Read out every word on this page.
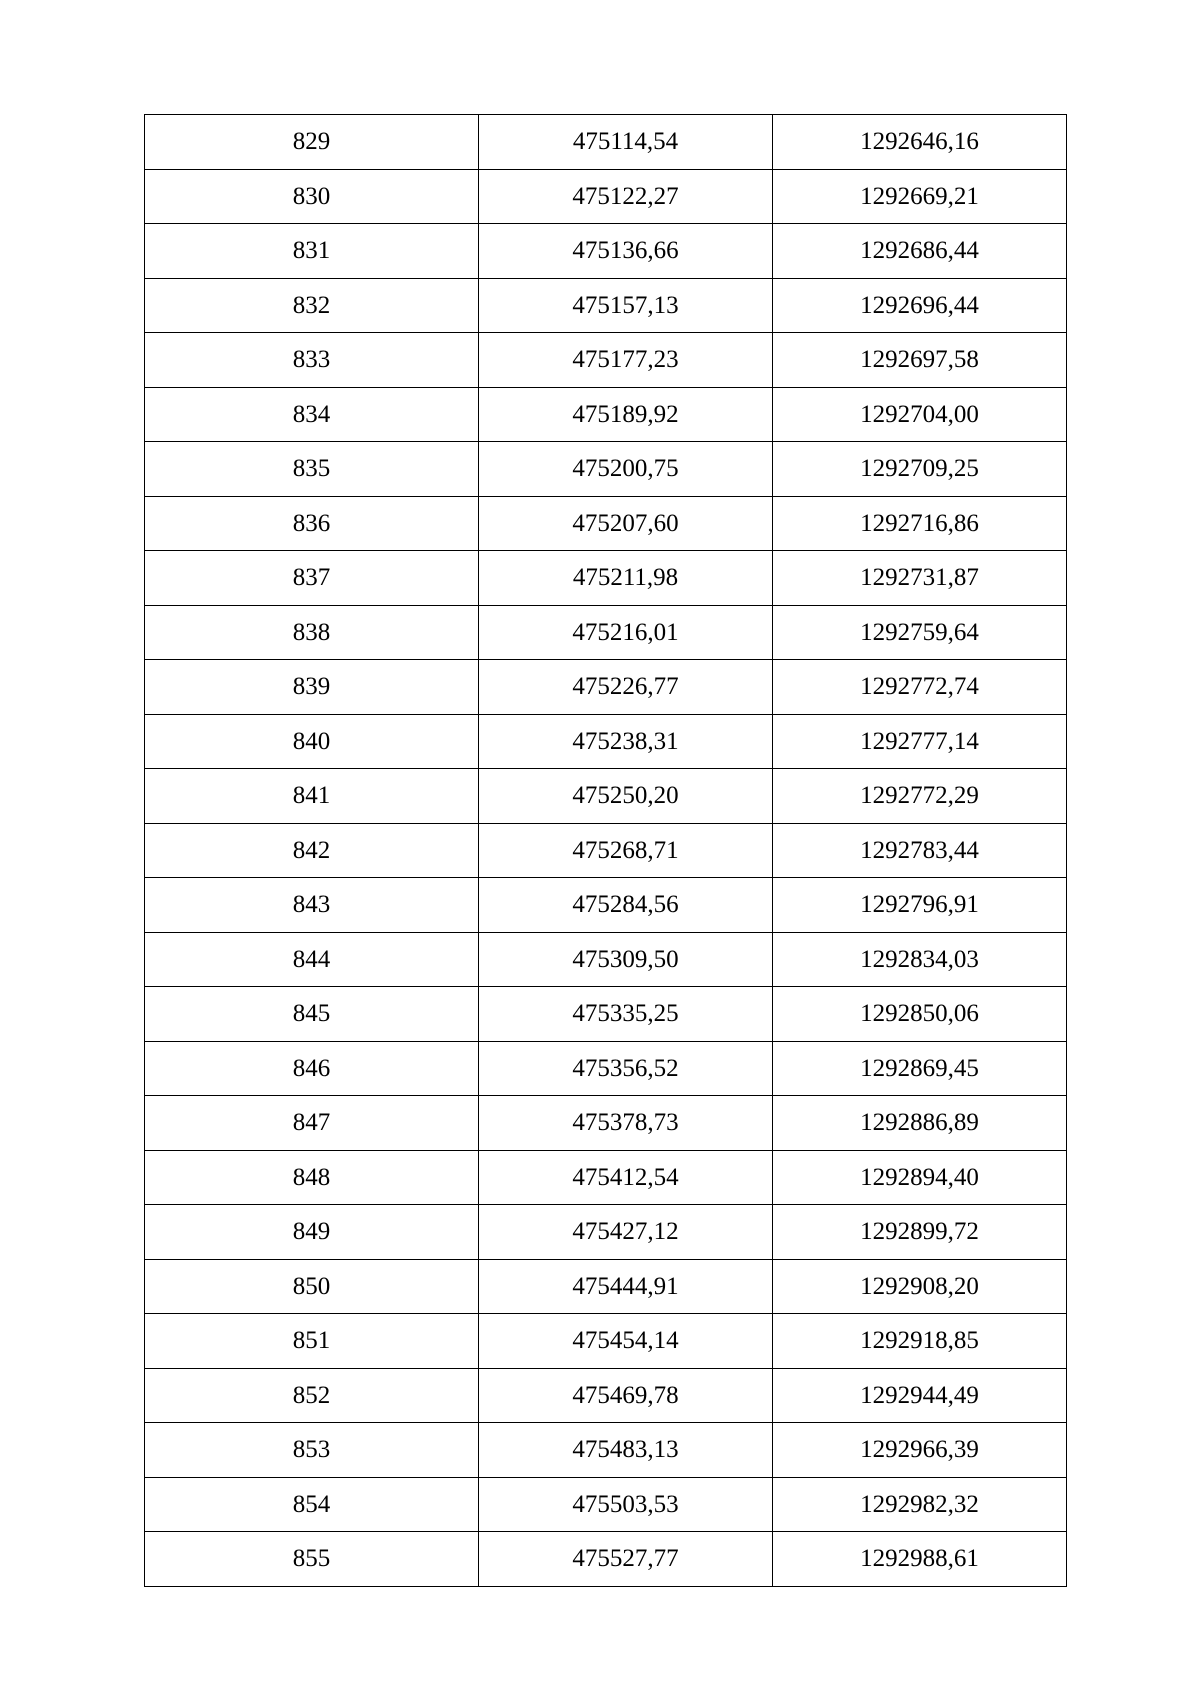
829	475114,54	1292646,16
830	475122,27	1292669,21
831	475136,66	1292686,44
832	475157,13	1292696,44
833	475177,23	1292697,58
834	475189,92	1292704,00
835	475200,75	1292709,25
836	475207,60	1292716,86
837	475211,98	1292731,87
838	475216,01	1292759,64
839	475226,77	1292772,74
840	475238,31	1292777,14
841	475250,20	1292772,29
842	475268,71	1292783,44
843	475284,56	1292796,91
844	475309,50	1292834,03
845	475335,25	1292850,06
846	475356,52	1292869,45
847	475378,73	1292886,89
848	475412,54	1292894,40
849	475427,12	1292899,72
850	475444,91	1292908,20
851	475454,14	1292918,85
852	475469,78	1292944,49
853	475483,13	1292966,39
854	475503,53	1292982,32
855	475527,77	1292988,61
